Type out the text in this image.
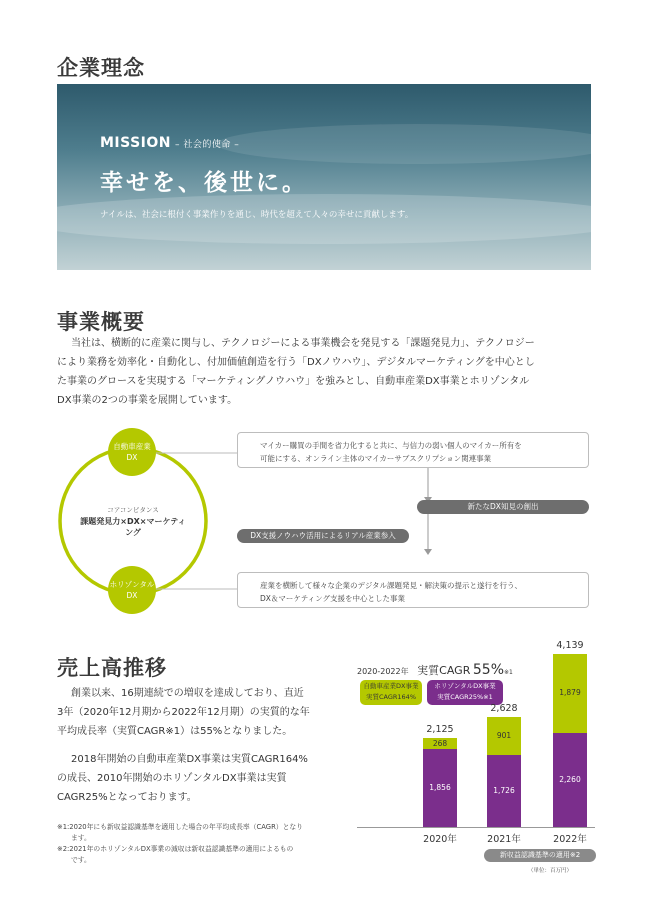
企業理念
MISSION – 社会的使命 –
幸せを、後世に。
ナイルは、社会に根付く事業作りを通じ、時代を超えて人々の幸せに貢献します。
事業概要
当社は、横断的に産業に関与し、テクノロジーによる事業機会を発見する「課題発見力」、テクノロジー
により業務を効率化・自動化し、付加価値創造を行う「DXノウハウ」、デジタルマーケティングを中心とし
た事業のグロースを実現する「マーケティングノウハウ」を強みとし、自動車産業DX事業とホリゾンタル
DX事業の2つの事業を展開しています。
自動車産業
DX
ホリゾンタル
DX
コアコンピタンス
課題発見力×DX×マーケティング
マイカー購買の手間を省力化すると共に、与信力の弱い個人のマイカー所有を
可能にする、オンライン主体のマイカーサブスクリプション関連事業
新たなDX知見の創出
DX支援ノウハウ活用によるリアル産業参入
産業を横断して様々な企業のデジタル課題発見・解決策の提示と遂行を行う、
DX＆マーケティング支援を中心とした事業
売上高推移
創業以来、16期連続での増収を達成しており、直近
3年（2020年12月期から2022年12月期）の実質的な年
平均成長率（実質CAGR※1）は55%となりました。
2018年開始の自動車産業DX事業は実質CAGR164%
の成長、2010年開始のホリゾンタルDX事業は実質
CAGR25%となっております。
※1:2020年にも新収益認識基準を適用した場合の年平均成長率（CAGR）となり
ます。
※2:2021年のホリゾンタルDX事業の減収は新収益認識基準の適用によるもの
です。
2020-2022年 実質CAGR 55%※1
自動車産業DX事業
実質CAGR164%
ホリゾンタルDX事業
実質CAGR25%※1
1,856
268
2,125
2020年
1,726
901
2,628
2021年
2,260
1,879
4,139
2022年
新収益認識基準の適用※2
（単位：百万円）
